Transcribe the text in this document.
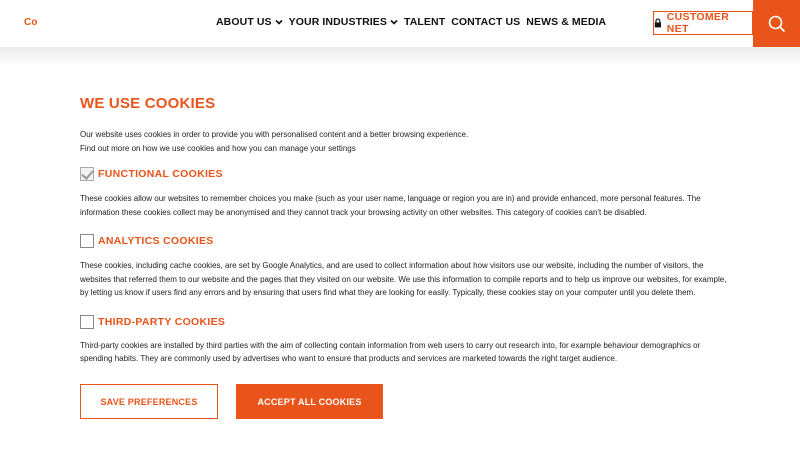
Co	ABOUT US YOUR INDUSTRIES TALENT CONTACT US NEWS & MEDIA	CUSTOMER NET
WE USE COOKIES
Our website uses cookies in order to provide you with personalised content and a better browsing experience.
Find out more on how we use cookies and how you can manage your settings
FUNCTIONAL COOKIES
These cookies allow our websites to remember choices you make (such as your user name, language or region you are in) and provide enhanced, more personal features. The information these cookies collect may be anonymised and they cannot track your browsing activity on other websites. This category of cookies can't be disabled.
ANALYTICS COOKIES
These cookies, including cache cookies, are set by Google Analytics, and are used to collect information about how visitors use our website, including the number of visitors, the websites that referred them to our website and the pages that they visited on our website. We use this information to compile reports and to help us improve our websites, for example, by letting us know if users find any errors and by ensuring that users find what they are looking for easily. Typically, these cookies stay on your computer until you delete them.
THIRD-PARTY COOKIES
Third-party cookies are installed by third parties with the aim of collecting contain information from web users to carry out research into, for example behaviour demographics or spending habits. They are commonly used by advertises who want to ensure that products and services are marketed towards the right target audience.
SAVE PREFERENCES	ACCEPT ALL COOKIES
